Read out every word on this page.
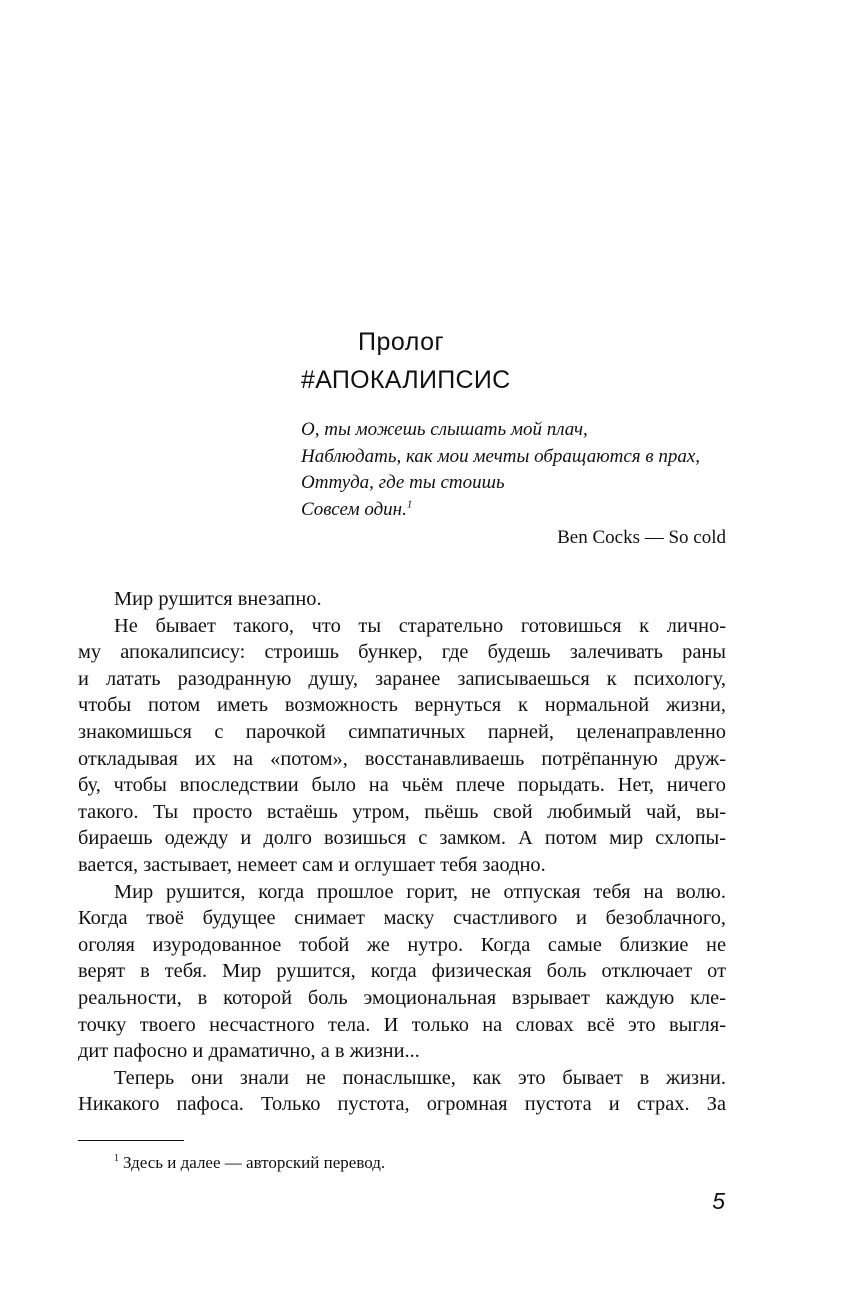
Пролог
#АПОКАЛИПСИС
О, ты можешь слышать мой плач,
Наблюдать, как мои мечты обращаются в прах,
Оттуда, где ты стоишь
Совсем один.$^1$
Ben Cocks — So cold
Мир рушится внезапно.
Не бывает такого, что ты старательно готовишься к лично-
му апокалипсису: строишь бункер, где будешь залечивать раны
и латать разодранную душу, заранее записываешься к психологу,
чтобы потом иметь возможность вернуться к нормальной жизни,
знакомишься с парочкой симпатичных парней, целенаправленно
откладывая их на «потом», восстанавливаешь потрёпанную друж-
бу, чтобы впоследствии было на чьём плече порыдать. Нет, ничего
такого. Ты просто встаёшь утром, пьёшь свой любимый чай, вы-
бираешь одежду и долго возишься с замком. А потом мир схлопы-
вается, застывает, немеет сам и оглушает тебя заодно.
Мир рушится, когда прошлое горит, не отпуская тебя на волю.
Когда твоё будущее снимает маску счастливого и безоблачного,
оголяя изуродованное тобой же нутро. Когда самые близкие не
верят в тебя. Мир рушится, когда физическая боль отключает от
реальности, в которой боль эмоциональная взрывает каждую кле-
точку твоего несчастного тела. И только на словах всё это выгля-
дит пафосно и драматично, а в жизни...
Теперь они знали не понаслышке, как это бывает в жизни.
Никакого пафоса. Только пустота, огромная пустота и страх. За
$^1$ Здесь и далее — авторский перевод.
5
